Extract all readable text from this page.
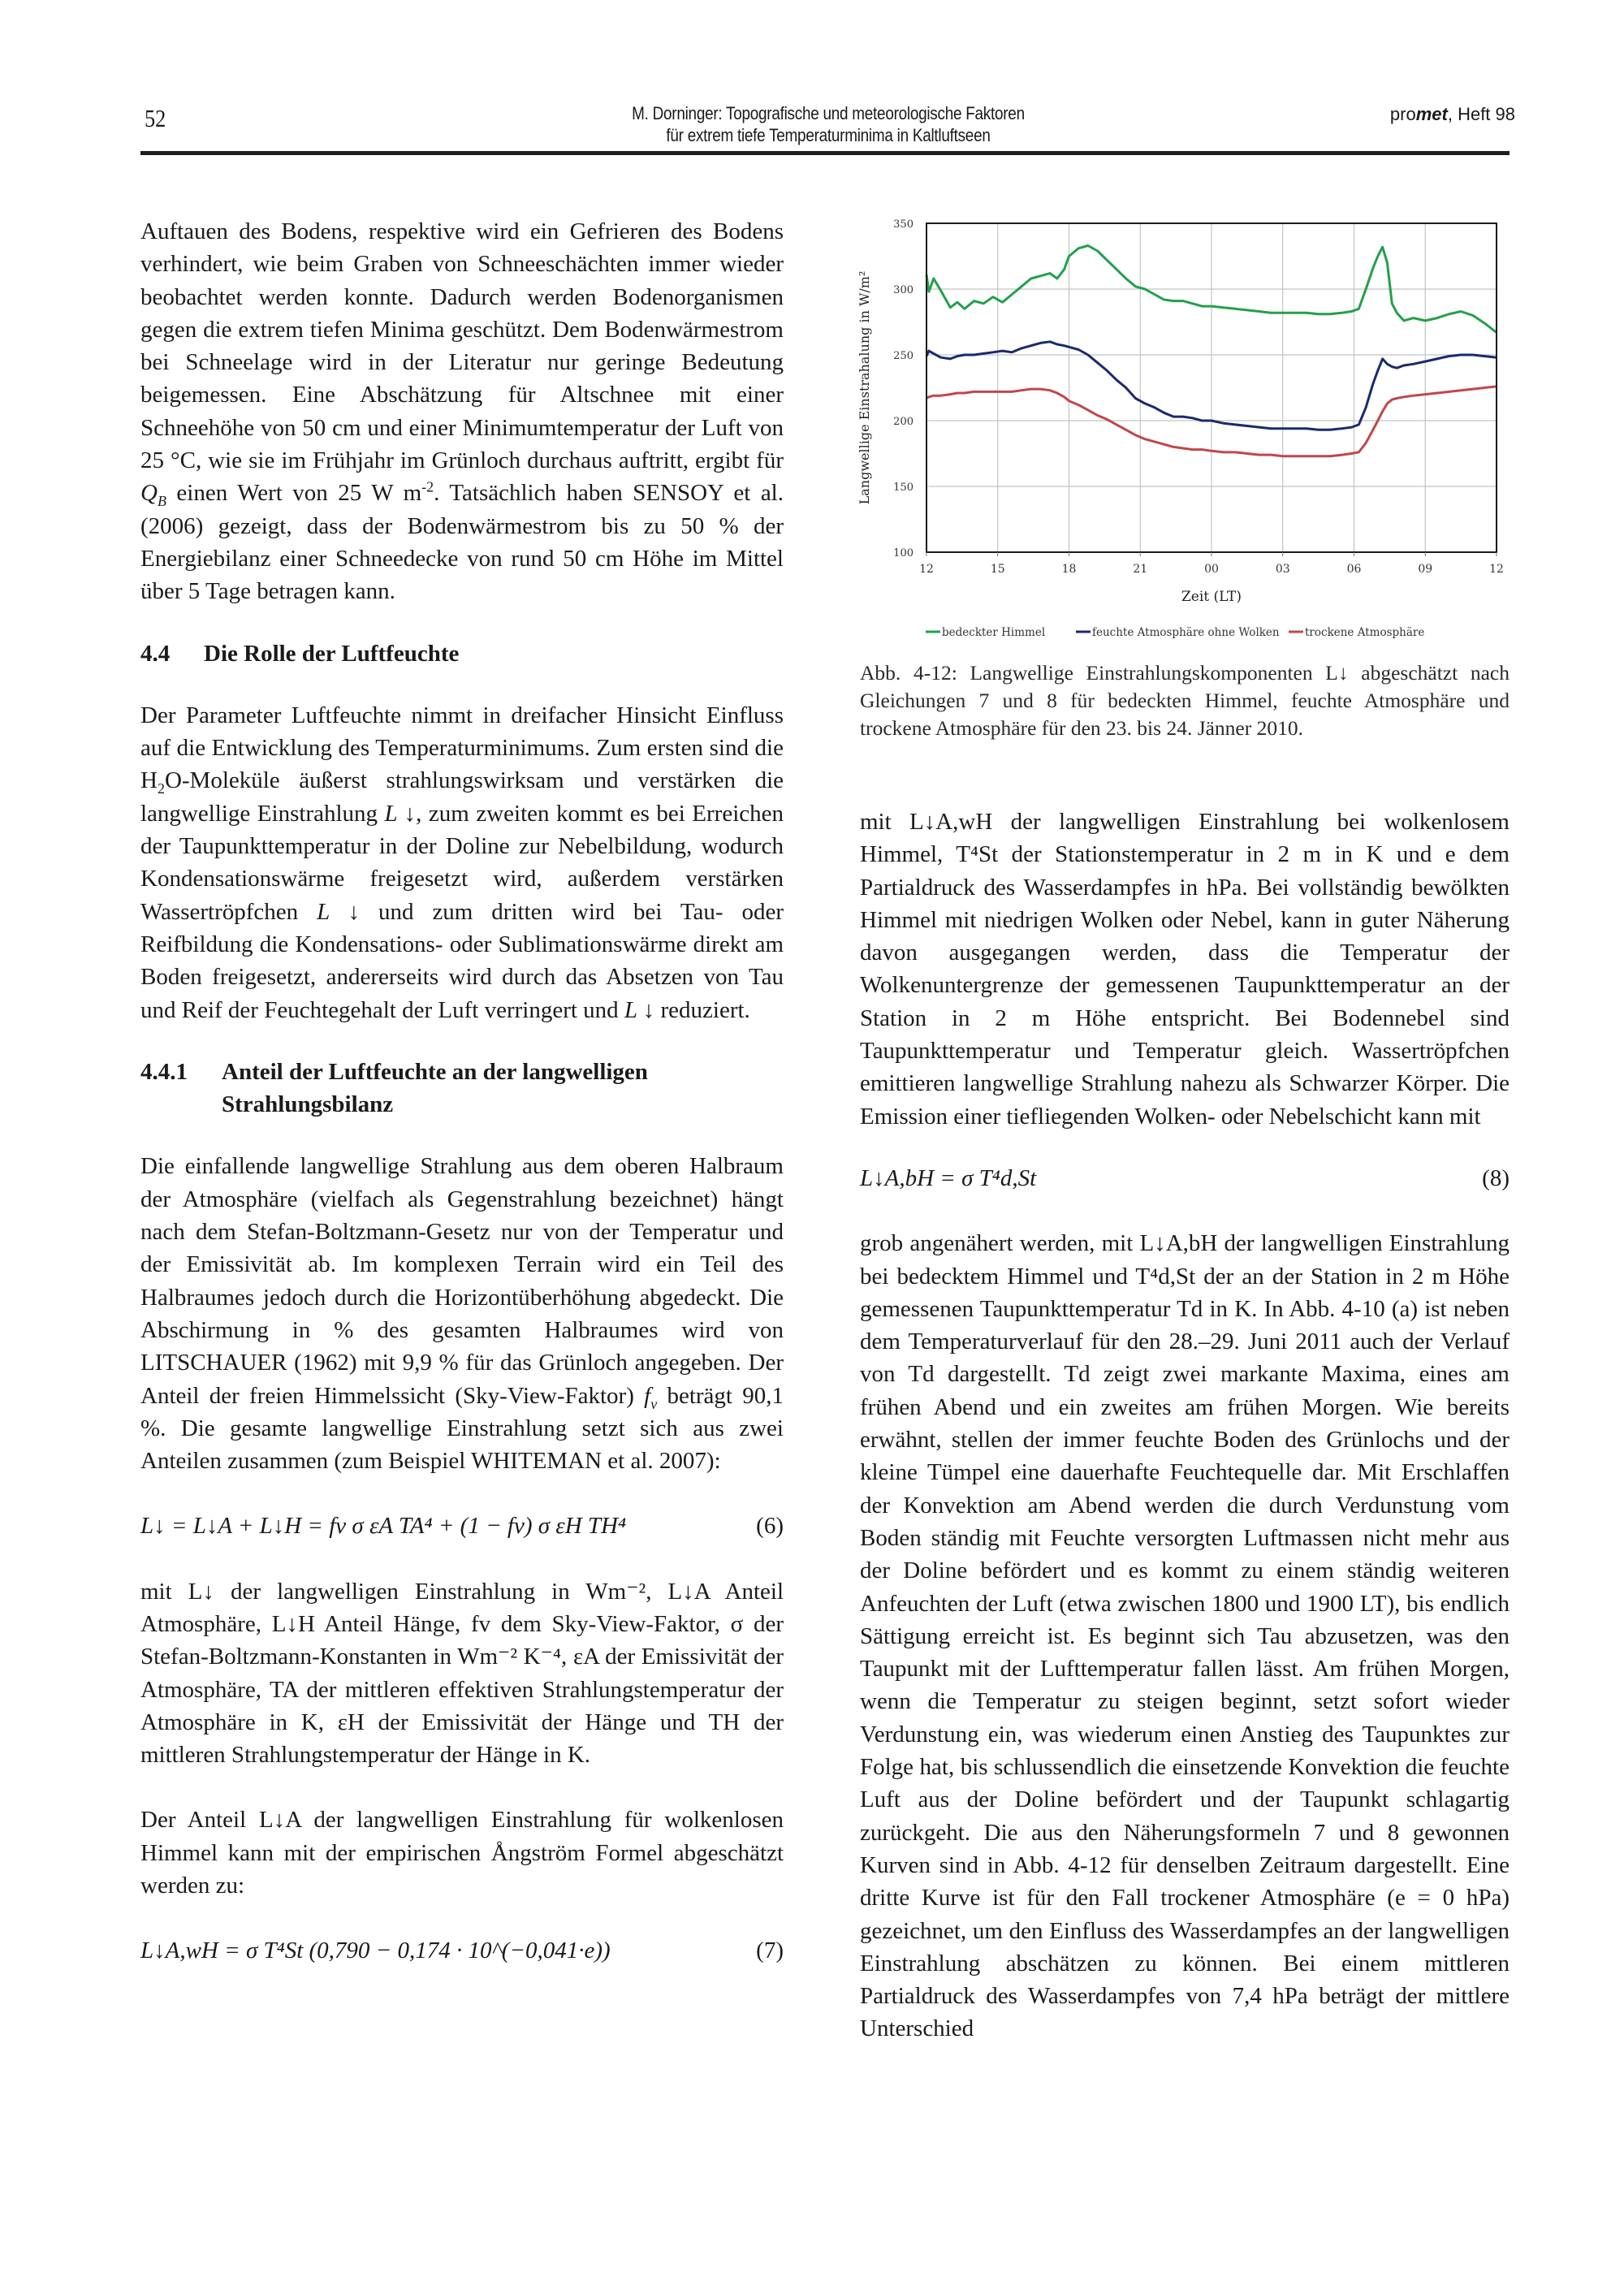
52	M. Dorninger: Topografische und meteorologische Faktoren
für extrem tiefe Temperaturminima in Kaltluftseen
promet, Heft 98

Auftauen des Bodens, respektive wird ein Gefrieren des Bodens verhindert, wie beim Graben von Schneeschächten immer wieder beobachtet werden konnte. Dadurch werden Bodenorganismen gegen die extrem tiefen Minima geschützt. Dem Bodenwärmestrom bei Schneelage wird in der Literatur nur geringe Bedeutung beigemessen. Eine Abschätzung für Altschnee mit einer Schneehöhe von 50 cm und einer Minimumtemperatur der Luft von 25 °C, wie sie im Frühjahr im Grünloch durchaus auftritt, ergibt für $Q_B$ einen Wert von 25 W $m^{-2}$. Tatsächlich haben SENSOY et al. (2006) gezeigt, dass der Bodenwärmestrom bis zu 50 % der Energiebilanz einer Schneedecke von rund 50 cm Höhe im Mittel über 5 Tage betragen kann.

4.4 Die Rolle der Luftfeuchte

Der Parameter Luftfeuchte nimmt in dreifacher Hinsicht Einfluss auf die Entwicklung des Temperaturminimums. Zum ersten sind die $H_2O$-Moleküle äußerst strahlungswirksam und verstärken die langwellige Einstrahlung L ↓, zum zweiten kommt es bei Erreichen der Taupunkttemperatur in der Doline zur Nebelbildung, wodurch Kondensationswärme freigesetzt wird, außerdem verstärken Wassertröpfchen L ↓ und zum dritten wird bei Tau- oder Reifbildung die Kondensations- oder Sublimationswärme direkt am Boden freigesetzt, andererseits wird durch das Absetzen von Tau und Reif der Feuchtegehalt der Luft verringert und L ↓ reduziert.

4.4.1	Anteil der Luftfeuchte an der langwelligen Strahlungsbilanz

Die einfallende langwellige Strahlung aus dem oberen Halbraum der Atmosphäre (vielfach als Gegenstrahlung bezeichnet) hängt nach dem Stefan-Boltzmann-Gesetz nur von der Temperatur und der Emissivität ab. Im komplexen Terrain wird ein Teil des Halbraumes jedoch durch die Horizontüberhöhung abgedeckt. Die Abschirmung in % des gesamten Halbraumes wird von LITSCHAUER (1962) mit 9,9 % für das Grünloch angegeben. Der Anteil der freien Himmelssicht (Sky-View-Faktor) $f_v$ beträgt 90,1 %. Die gesamte langwellige Einstrahlung setzt sich aus zwei Anteilen zusammen (zum Beispiel WHITEMAN et al. 2007):

L↓ = L↓A + L↓H = fv σ εA TA⁴ + (1 − fv) σ εH TH⁴	(6)

mit L↓ der langwelligen Einstrahlung in Wm⁻², L↓A Anteil Atmosphäre, L↓H Anteil Hänge, fv dem Sky-View-Faktor, σ der Stefan-Boltzmann-Konstanten in Wm⁻² K⁻⁴, εA der Emissivität der Atmosphäre, TA der mittleren effektiven Strahlungstemperatur der Atmosphäre in K, εH der Emissivität der Hänge und TH der mittleren Strahlungstemperatur der Hänge in K.

Der Anteil L↓A der langwelligen Einstrahlung für wolkenlosen Himmel kann mit der empirischen Ångström Formel abgeschätzt werden zu:

L↓A,wH = σ T⁴St (0,790 − 0,174 · 10^(−0,041·e))	(7)
100
150
200
250
300
350
12	15	18	21	00	03	06	09	12
Langwellige Einstrahalung in W/m²
Zeit (LT)
bedeckter Himmel	feuchte Atmosphäre ohne Wolken trockene Atmosphäre
Abb. 4-12: Langwellige Einstrahlungskomponenten L↓ abgeschätzt nach Gleichungen 7 und 8 für bedeckten Himmel, feuchte Atmosphäre und trockene Atmosphäre für den 23. bis 24. Jänner 2010.

mit L↓A,wH der langwelligen Einstrahlung bei wolkenlosem Himmel, T⁴St der Stationstemperatur in 2 m in K und e dem Partialdruck des Wasserdampfes in hPa. Bei vollständig bewölkten Himmel mit niedrigen Wolken oder Nebel, kann in guter Näherung davon ausgegangen werden, dass die Temperatur der Wolkenuntergrenze der gemessenen Taupunkttemperatur an der Station in 2 m Höhe entspricht. Bei Bodennebel sind Taupunkttemperatur und Temperatur gleich. Wassertröpfchen emittieren langwellige Strahlung nahezu als Schwarzer Körper. Die Emission einer tiefliegenden Wolken- oder Nebelschicht kann mit

L↓A,bH = σ T⁴d,St	(8)

grob angenähert werden, mit L↓A,bH der langwelligen Einstrahlung bei bedecktem Himmel und T⁴d,St der an der Station in 2 m Höhe gemessenen Taupunkttemperatur Td in K. In Abb. 4-10 (a) ist neben dem Temperaturverlauf für den 28.–29. Juni 2011 auch der Verlauf von Td dargestellt. Td zeigt zwei markante Maxima, eines am frühen Abend und ein zweites am frühen Morgen. Wie bereits erwähnt, stellen der immer feuchte Boden des Grünlochs und der kleine Tümpel eine dauerhafte Feuchtequelle dar. Mit Erschlaffen der Konvektion am Abend werden die durch Verdunstung vom Boden ständig mit Feuchte versorgten Luftmassen nicht mehr aus der Doline befördert und es kommt zu einem ständig weiteren Anfeuchten der Luft (etwa zwischen 1800 und 1900 LT), bis endlich Sättigung erreicht ist. Es beginnt sich Tau abzusetzen, was den Taupunkt mit der Lufttemperatur fallen lässt. Am frühen Morgen, wenn die Temperatur zu steigen beginnt, setzt sofort wieder Verdunstung ein, was wiederum einen Anstieg des Taupunktes zur Folge hat, bis schlussendlich die einsetzende Konvektion die feuchte Luft aus der Doline befördert und der Taupunkt schlagartig zurückgeht. Die aus den Näherungsformeln 7 und 8 gewonnen Kurven sind in Abb. 4-12 für denselben Zeitraum dargestellt. Eine dritte Kurve ist für den Fall trockener Atmosphäre (e = 0 hPa) gezeichnet, um den Einfluss des Wasserdampfes an der langwelligen Einstrahlung abschätzen zu können. Bei einem mittleren Partialdruck des Wasserdampfes von 7,4 hPa beträgt der mittlere Unterschied
